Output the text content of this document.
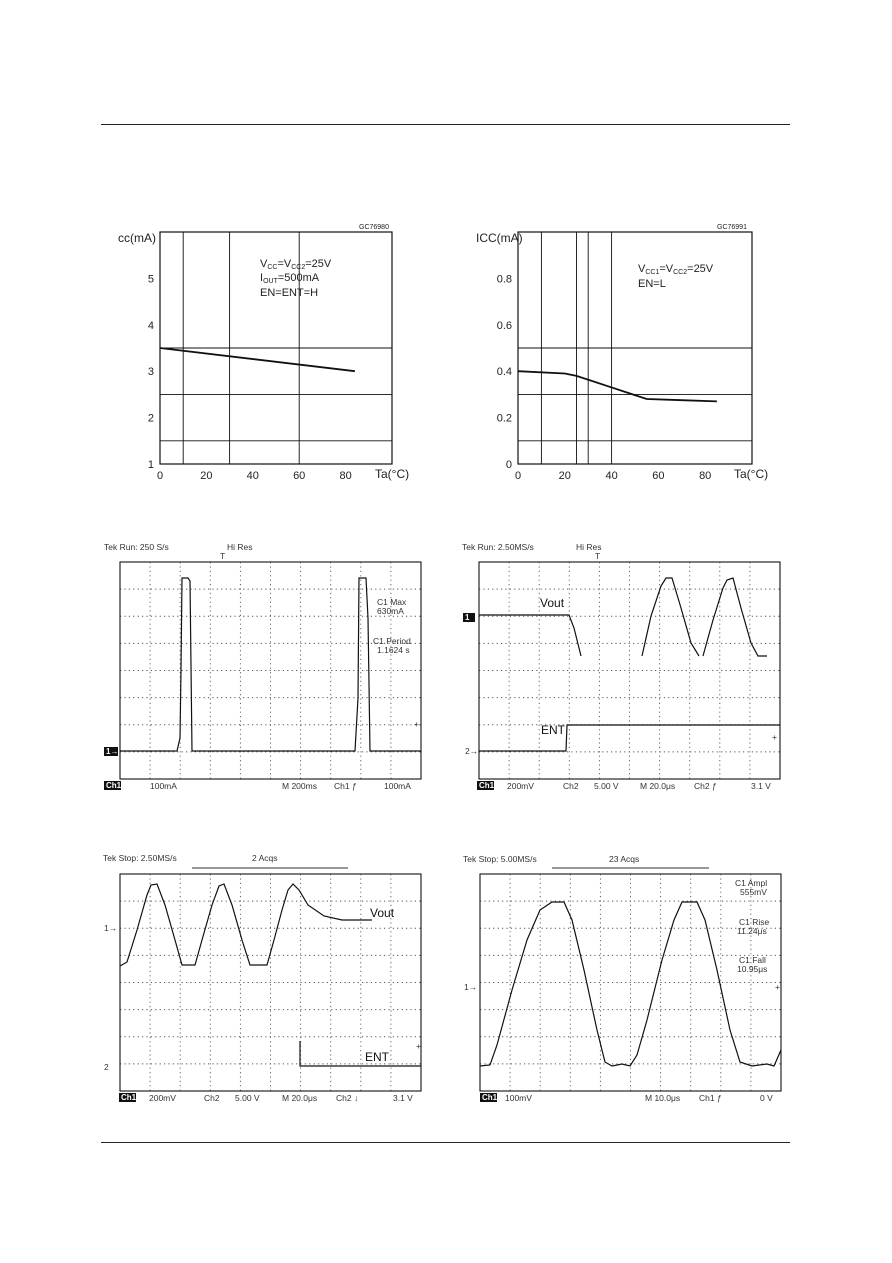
GC76980
0	20	40	60	80
1
2
3
4
5
cc(mA)
Ta(°C)
VCC=VCC2=25V
IOUT=500mA
EN=ENT=H
GC76991
0	20	40	60	80
0
0.2
0.4
0.6
0.8
ICC(mA)
Ta(°C)
VCC1=VCC2=25V
EN=L
Tek Run: 250 S/s	Hi Res
T
C1 Max
630mA
C1 Period
1.1624 s
+
1→
Ch1	100mA	M 200ms Ch1 ƒ	100mA
Tek Run: 2.50MS/s	Hi Res
T
Vout
ENT
1
2→
+
Ch1 200mV	Ch2 5.00 V	M 20.0μs Ch2 ƒ	3.1 V
Tek Stop: 2.50MS/s	2 Acqs
Vout
ENT
1→
2
+
Ch1 200mV	Ch2 5.00 V	M 20.0μs Ch2 ↓	3.1 V
Tek Stop: 5.00MS/s	23 Acqs
C1 Ampl
555mV
C1 Rise
11.24μs
C1 Fall
10.95μs
1→	+
Ch1 100mV	M 10.0μs Ch1 ƒ	0 V
